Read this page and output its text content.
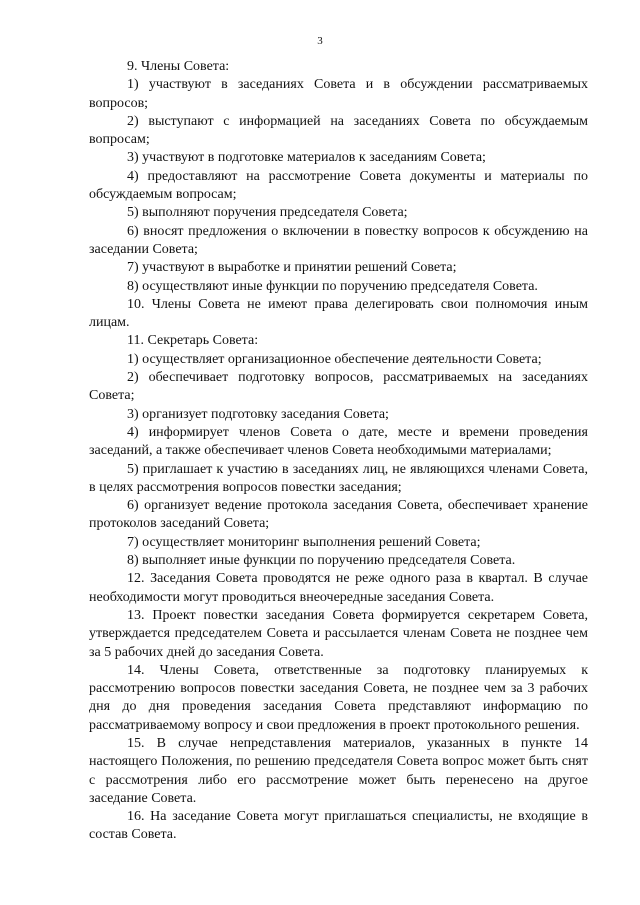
3

9. Члены Совета:

1) участвуют в заседаниях Совета и в обсуждении рассматриваемых вопросов;

2) выступают с информацией на заседаниях Совета по обсуждаемым вопросам;

3) участвуют в подготовке материалов к заседаниям Совета;

4) предоставляют на рассмотрение Совета документы и материалы по обсуждаемым вопросам;

5) выполняют поручения председателя Совета;

6) вносят предложения о включении в повестку вопросов к обсуждению на заседании Совета;

7) участвуют в выработке и принятии решений Совета;

8) осуществляют иные функции по поручению председателя Совета.

10. Члены Совета не имеют права делегировать свои полномочия иным лицам.

11. Секретарь Совета:

1) осуществляет организационное обеспечение деятельности Совета;

2) обеспечивает подготовку вопросов, рассматриваемых на заседаниях Совета;

3) организует подготовку заседания Совета;

4) информирует членов Совета о дате, месте и времени проведения заседаний, а также обеспечивает членов Совета необходимыми материалами;

5) приглашает к участию в заседаниях лиц, не являющихся членами Совета, в целях рассмотрения вопросов повестки заседания;

6) организует ведение протокола заседания Совета, обеспечивает хранение протоколов заседаний Совета;

7) осуществляет мониторинг выполнения решений Совета;

8) выполняет иные функции по поручению председателя Совета.

12. Заседания Совета проводятся не реже одного раза в квартал. В случае необходимости могут проводиться внеочередные заседания Совета.

13. Проект повестки заседания Совета формируется секретарем Совета, утверждается председателем Совета и рассылается членам Совета не позднее чем за 5 рабочих дней до заседания Совета.

14. Члены Совета, ответственные за подготовку планируемых к рассмотрению вопросов повестки заседания Совета, не позднее чем за 3 рабочих дня до дня проведения заседания Совета представляют информацию по рассматриваемому вопросу и свои предложения в проект протокольного решения.

15. В случае непредставления материалов, указанных в пункте 14 настоящего Положения, по решению председателя Совета вопрос может быть снят с рассмотрения либо его рассмотрение может быть перенесено на другое заседание Совета.

16. На заседание Совета могут приглашаться специалисты, не входящие в состав Совета.
